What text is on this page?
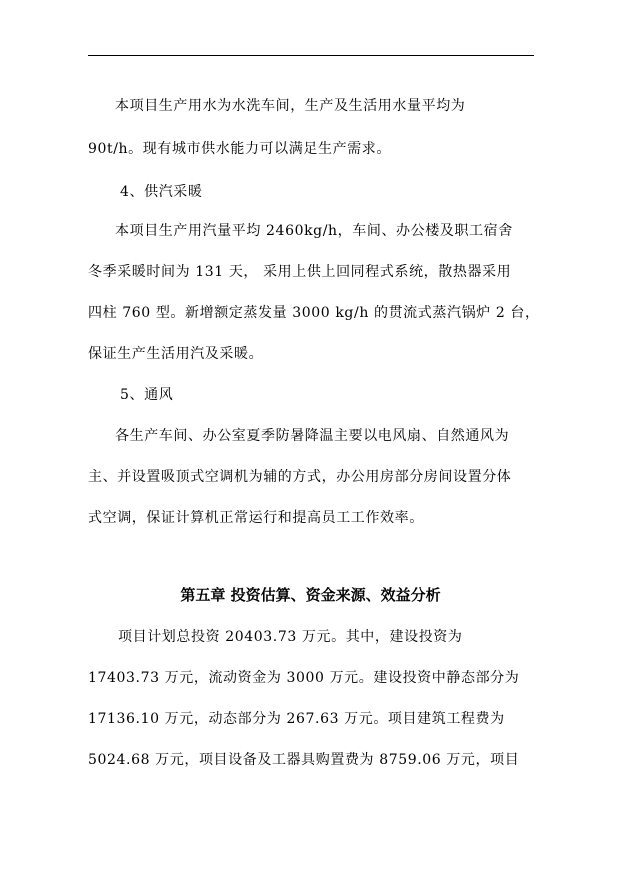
本项目生产用水为水洗车间，生产及生活用水量平均为
90t/h。现有城市供水能力可以满足生产需求。
4、供汽采暖
本项目生产用汽量平均 2460kg/h，车间、办公楼及职工宿舍
冬季采暖时间为 131 天， 采用上供上回同程式系统，散热器采用
四柱 760 型。新增额定蒸发量 3000 kg/h 的贯流式蒸汽锅炉 2 台，
保证生产生活用汽及采暖。
5、通风
各生产车间、办公室夏季防暑降温主要以电风扇、自然通风为
主、并设置吸顶式空调机为辅的方式，办公用房部分房间设置分体
式空调，保证计算机正常运行和提高员工工作效率。
第五章 投资估算、资金来源、效益分析
项目计划总投资 20403.73 万元。其中，建设投资为
17403.73 万元，流动资金为 3000 万元。建设投资中静态部分为
17136.10 万元，动态部分为 267.63 万元。项目建筑工程费为
5024.68 万元，项目设备及工器具购置费为 8759.06 万元，项目
